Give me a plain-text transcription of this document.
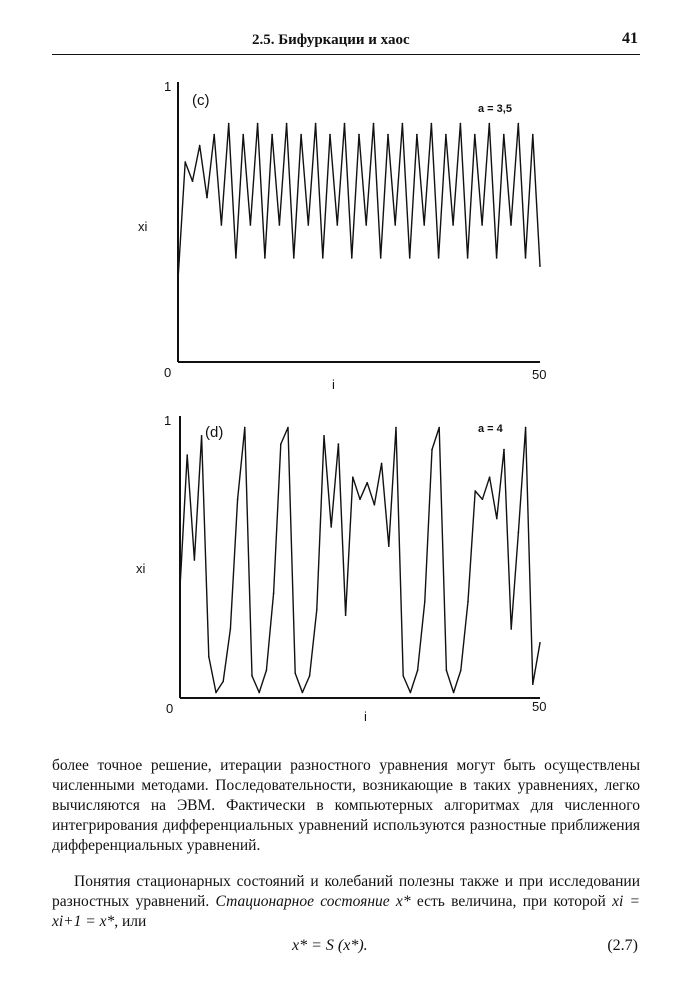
2.5. Бифуркации и хаос	41
1
(c)	a = 3,5
xi
0
i
50
1
(d)	a = 4
xi
0
i
50

более точное решение, итерации разностного уравнения могут быть осуществлены численными методами. Последовательности, возникающие в таких уравнениях, легко вычисляются на ЭВМ. Фактически в компьютерных алгоритмах для численного интегрирования дифференциальных уравнений используются разностные приближения дифференциальных уравнений.

Понятия стационарных состояний и колебаний полезны также и при исследовании разностных уравнений. Стационарное состояние x* есть величина, при которой xi = xi+1 = x*, или
x* = S (x*).	(2.7)
